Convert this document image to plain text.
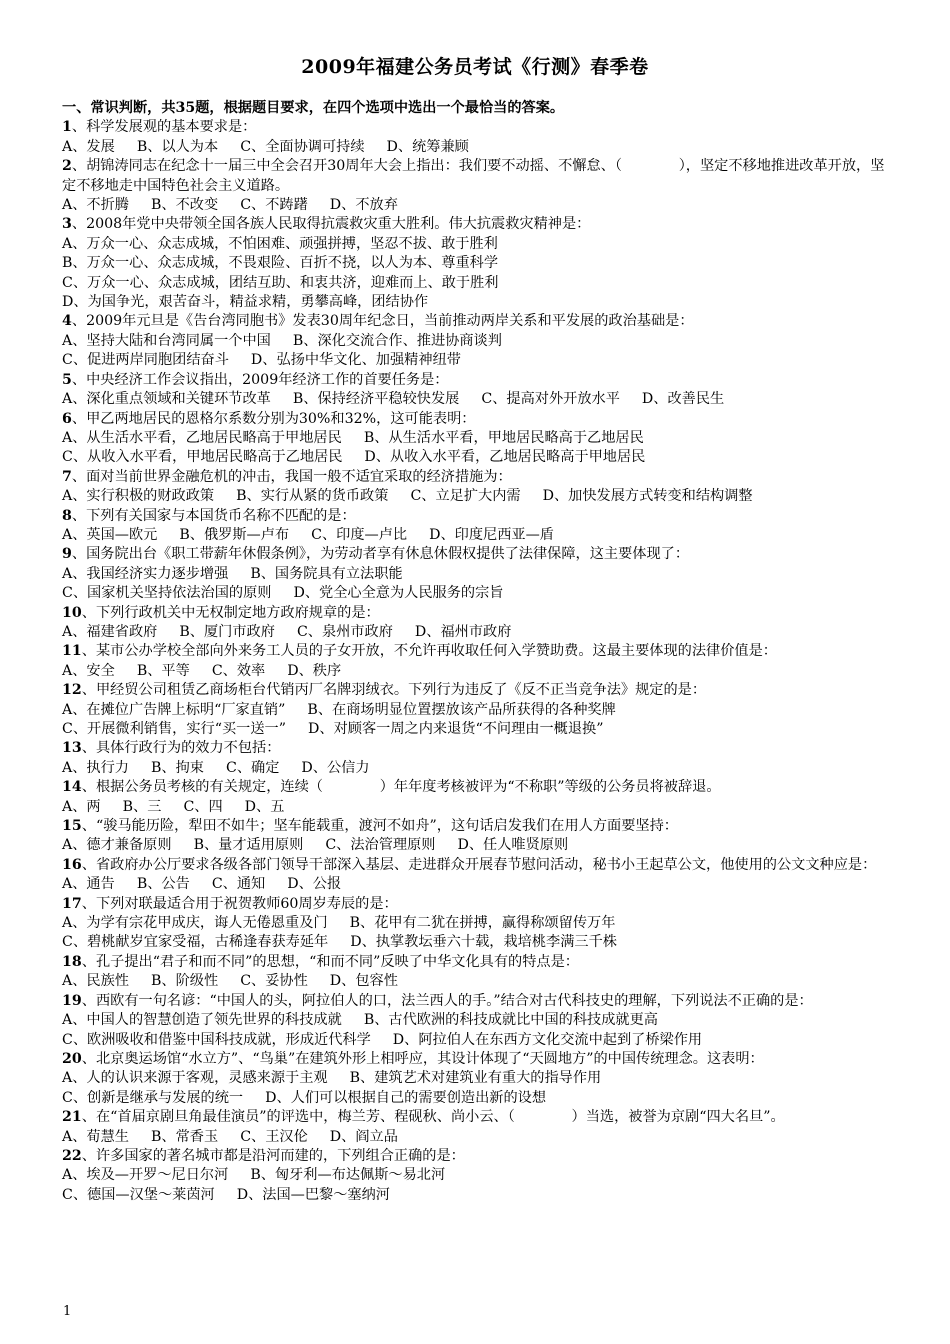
2009年福建公务员考试《行测》春季卷
一、常识判断，共35题，根据题目要求，在四个选项中选出一个最恰当的答案。
1、科学发展观的基本要求是：
A、发展 B、以人为本 C、全面协调可持续 D、统筹兼顾
2、胡锦涛同志在纪念十一届三中全会召开30周年大会上指出：我们要不动摇、不懈怠、（　　　　），坚定不移地推进改革开放，坚定不移地走中国特色社会主义道路。
A、不折腾 B、不改变 C、不踌躇 D、不放弃
3、2008年党中央带领全国各族人民取得抗震救灾重大胜利。伟大抗震救灾精神是：
A、万众一心、众志成城，不怕困难、顽强拼搏，坚忍不拔、敢于胜利
B、万众一心、众志成城，不畏艰险、百折不挠，以人为本、尊重科学
C、万众一心、众志成城，团结互助、和衷共济，迎难而上、敢于胜利
D、为国争光，艰苦奋斗，精益求精，勇攀高峰，团结协作
4、2009年元旦是《告台湾同胞书》发表30周年纪念日，当前推动两岸关系和平发展的政治基础是：
A、坚持大陆和台湾同属一个中国 B、深化交流合作、推进协商谈判
C、促进两岸同胞团结奋斗 D、弘扬中华文化、加强精神纽带
5、中央经济工作会议指出，2009年经济工作的首要任务是：
A、深化重点领域和关键环节改革 B、保持经济平稳较快发展 C、提高对外开放水平 D、改善民生
6、甲乙两地居民的恩格尔系数分别为30%和32%，这可能表明：
A、从生活水平看，乙地居民略高于甲地居民 B、从生活水平看，甲地居民略高于乙地居民
C、从收入水平看，甲地居民略高于乙地居民 D、从收入水平看，乙地居民略高于甲地居民
7、面对当前世界金融危机的冲击，我国一般不适宜采取的经济措施为：
A、实行积极的财政政策 B、实行从紧的货币政策 C、立足扩大内需 D、加快发展方式转变和结构调整
8、下列有关国家与本国货币名称不匹配的是：
A、英国—欧元 B、俄罗斯—卢布 C、印度—卢比 D、印度尼西亚—盾
9、国务院出台《职工带薪年休假条例》，为劳动者享有休息休假权提供了法律保障，这主要体现了：
A、我国经济实力逐步增强 B、国务院具有立法职能
C、国家机关坚持依法治国的原则 D、党全心全意为人民服务的宗旨
10、下列行政机关中无权制定地方政府规章的是：
A、福建省政府 B、厦门市政府 C、泉州市政府 D、福州市政府
11、某市公办学校全部向外来务工人员的子女开放，不允许再收取任何入学赞助费。这最主要体现的法律价值是：
A、安全 B、平等 C、效率 D、秩序
12、甲经贸公司租赁乙商场柜台代销丙厂名牌羽绒衣。下列行为违反了《反不正当竞争法》规定的是：
A、在摊位广告牌上标明“厂家直销” B、在商场明显位置摆放该产品所获得的各种奖牌
C、开展微利销售，实行“买一送一” D、对顾客一周之内来退货“不问理由一概退换”
13、具体行政行为的效力不包括：
A、执行力 B、拘束 C、确定 D、公信力
14、根据公务员考核的有关规定，连续（　　　　）年年度考核被评为“不称职”等级的公务员将被辞退。
A、两 B、三 C、四 D、五
15、“骏马能历险，犁田不如牛；坚车能载重，渡河不如舟”，这句话启发我们在用人方面要坚持：
A、德才兼备原则 B、量才适用原则 C、法治管理原则 D、任人唯贤原则
16、省政府办公厅要求各级各部门领导干部深入基层、走进群众开展春节慰问活动，秘书小王起草公文，他使用的公文文种应是：
A、通告 B、公告 C、通知 D、公报
17、下列对联最适合用于祝贺教师60周岁寿辰的是：
A、为学有宗花甲成庆，诲人无倦恩重及门 B、花甲有二犹在拼搏，赢得称颂留传万年
C、碧桃献岁宜家受福，古稀逢春获寿延年 D、执掌教坛垂六十载，栽培桃李满三千株
18、孔子提出“君子和而不同”的思想，“和而不同”反映了中华文化具有的特点是：
A、民族性 B、阶级性 C、妥协性 D、包容性
19、西欧有一句名谚：“中国人的头，阿拉伯人的口，法兰西人的手。”结合对古代科技史的理解，下列说法不正确的是：
A、中国人的智慧创造了领先世界的科技成就 B、古代欧洲的科技成就比中国的科技成就更高
C、欧洲吸收和借鉴中国科技成就，形成近代科学 D、阿拉伯人在东西方文化交流中起到了桥梁作用
20、北京奥运场馆“水立方”、“鸟巢”在建筑外形上相呼应，其设计体现了“天圆地方”的中国传统理念。这表明：
A、人的认识来源于客观，灵感来源于主观 B、建筑艺术对建筑业有重大的指导作用
C、创新是继承与发展的统一 D、人们可以根据自己的需要创造出新的设想
21、在“首届京剧旦角最佳演员”的评选中，梅兰芳、程砚秋、尚小云、（　　　　）当选，被誉为京剧“四大名旦”。
A、荀慧生 B、常香玉 C、王汉伦 D、阎立品
22、许多国家的著名城市都是沿河而建的，下列组合正确的是：
A、埃及—开罗～尼日尔河 B、匈牙利—布达佩斯～易北河
C、德国—汉堡～莱茵河 D、法国—巴黎～塞纳河
1
